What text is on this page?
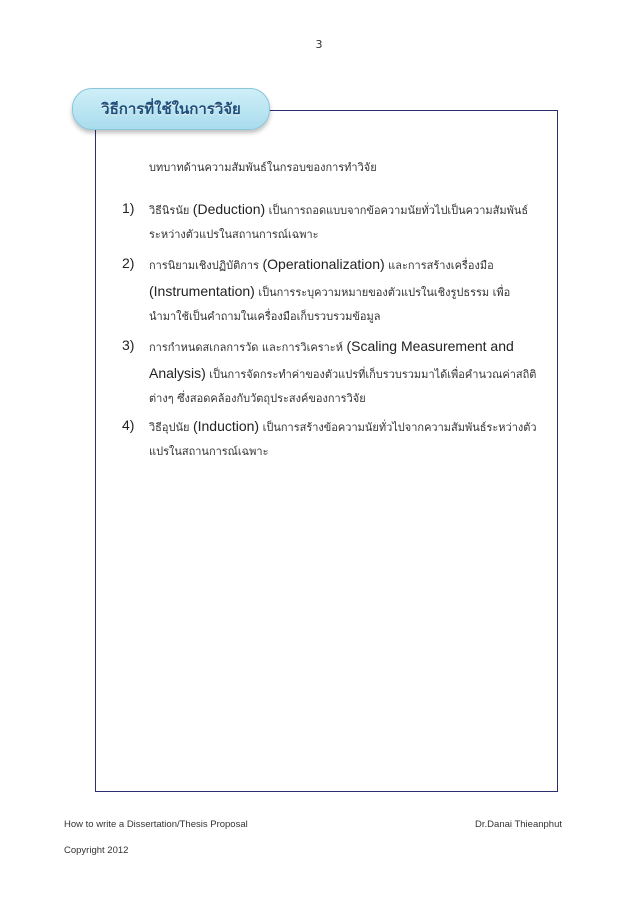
3
วิธีการที่ใช้ในการวิจัย
บทบาทด้านความสัมพันธ์ในกรอบของการทำวิจัย
1) วิธีนิรนัย (Deduction) เป็นการถอดแบบจากข้อความนัยทั่วไปเป็นความสัมพันธ์
ระหว่างตัวแปรในสถานการณ์เฉพาะ
2) การนิยามเชิงปฏิบัติการ (Operationalization) และการสร้างเครื่องมือ
(Instrumentation) เป็นการระบุความหมายของตัวแปรในเชิงรูปธรรม เพื่อ
นำมาใช้เป็นคำถามในเครื่องมือเก็บรวบรวมข้อมูล
3) การกำหนดสเกลการวัด และการวิเคราะห์ (Scaling Measurement and
Analysis) เป็นการจัดกระทำค่าของตัวแปรที่เก็บรวบรวมมาได้เพื่อคำนวณค่าสถิติ
ต่างๆ ซึ่งสอดคล้องกับวัตถุประสงค์ของการวิจัย
4) วิธีอุปนัย (Induction) เป็นการสร้างข้อความนัยทั่วไปจากความสัมพันธ์ระหว่างตัว
แปรในสถานการณ์เฉพาะ
How to write a Dissertation/Thesis Proposal	Dr.Danai Thieanphut
Copyright 2012
